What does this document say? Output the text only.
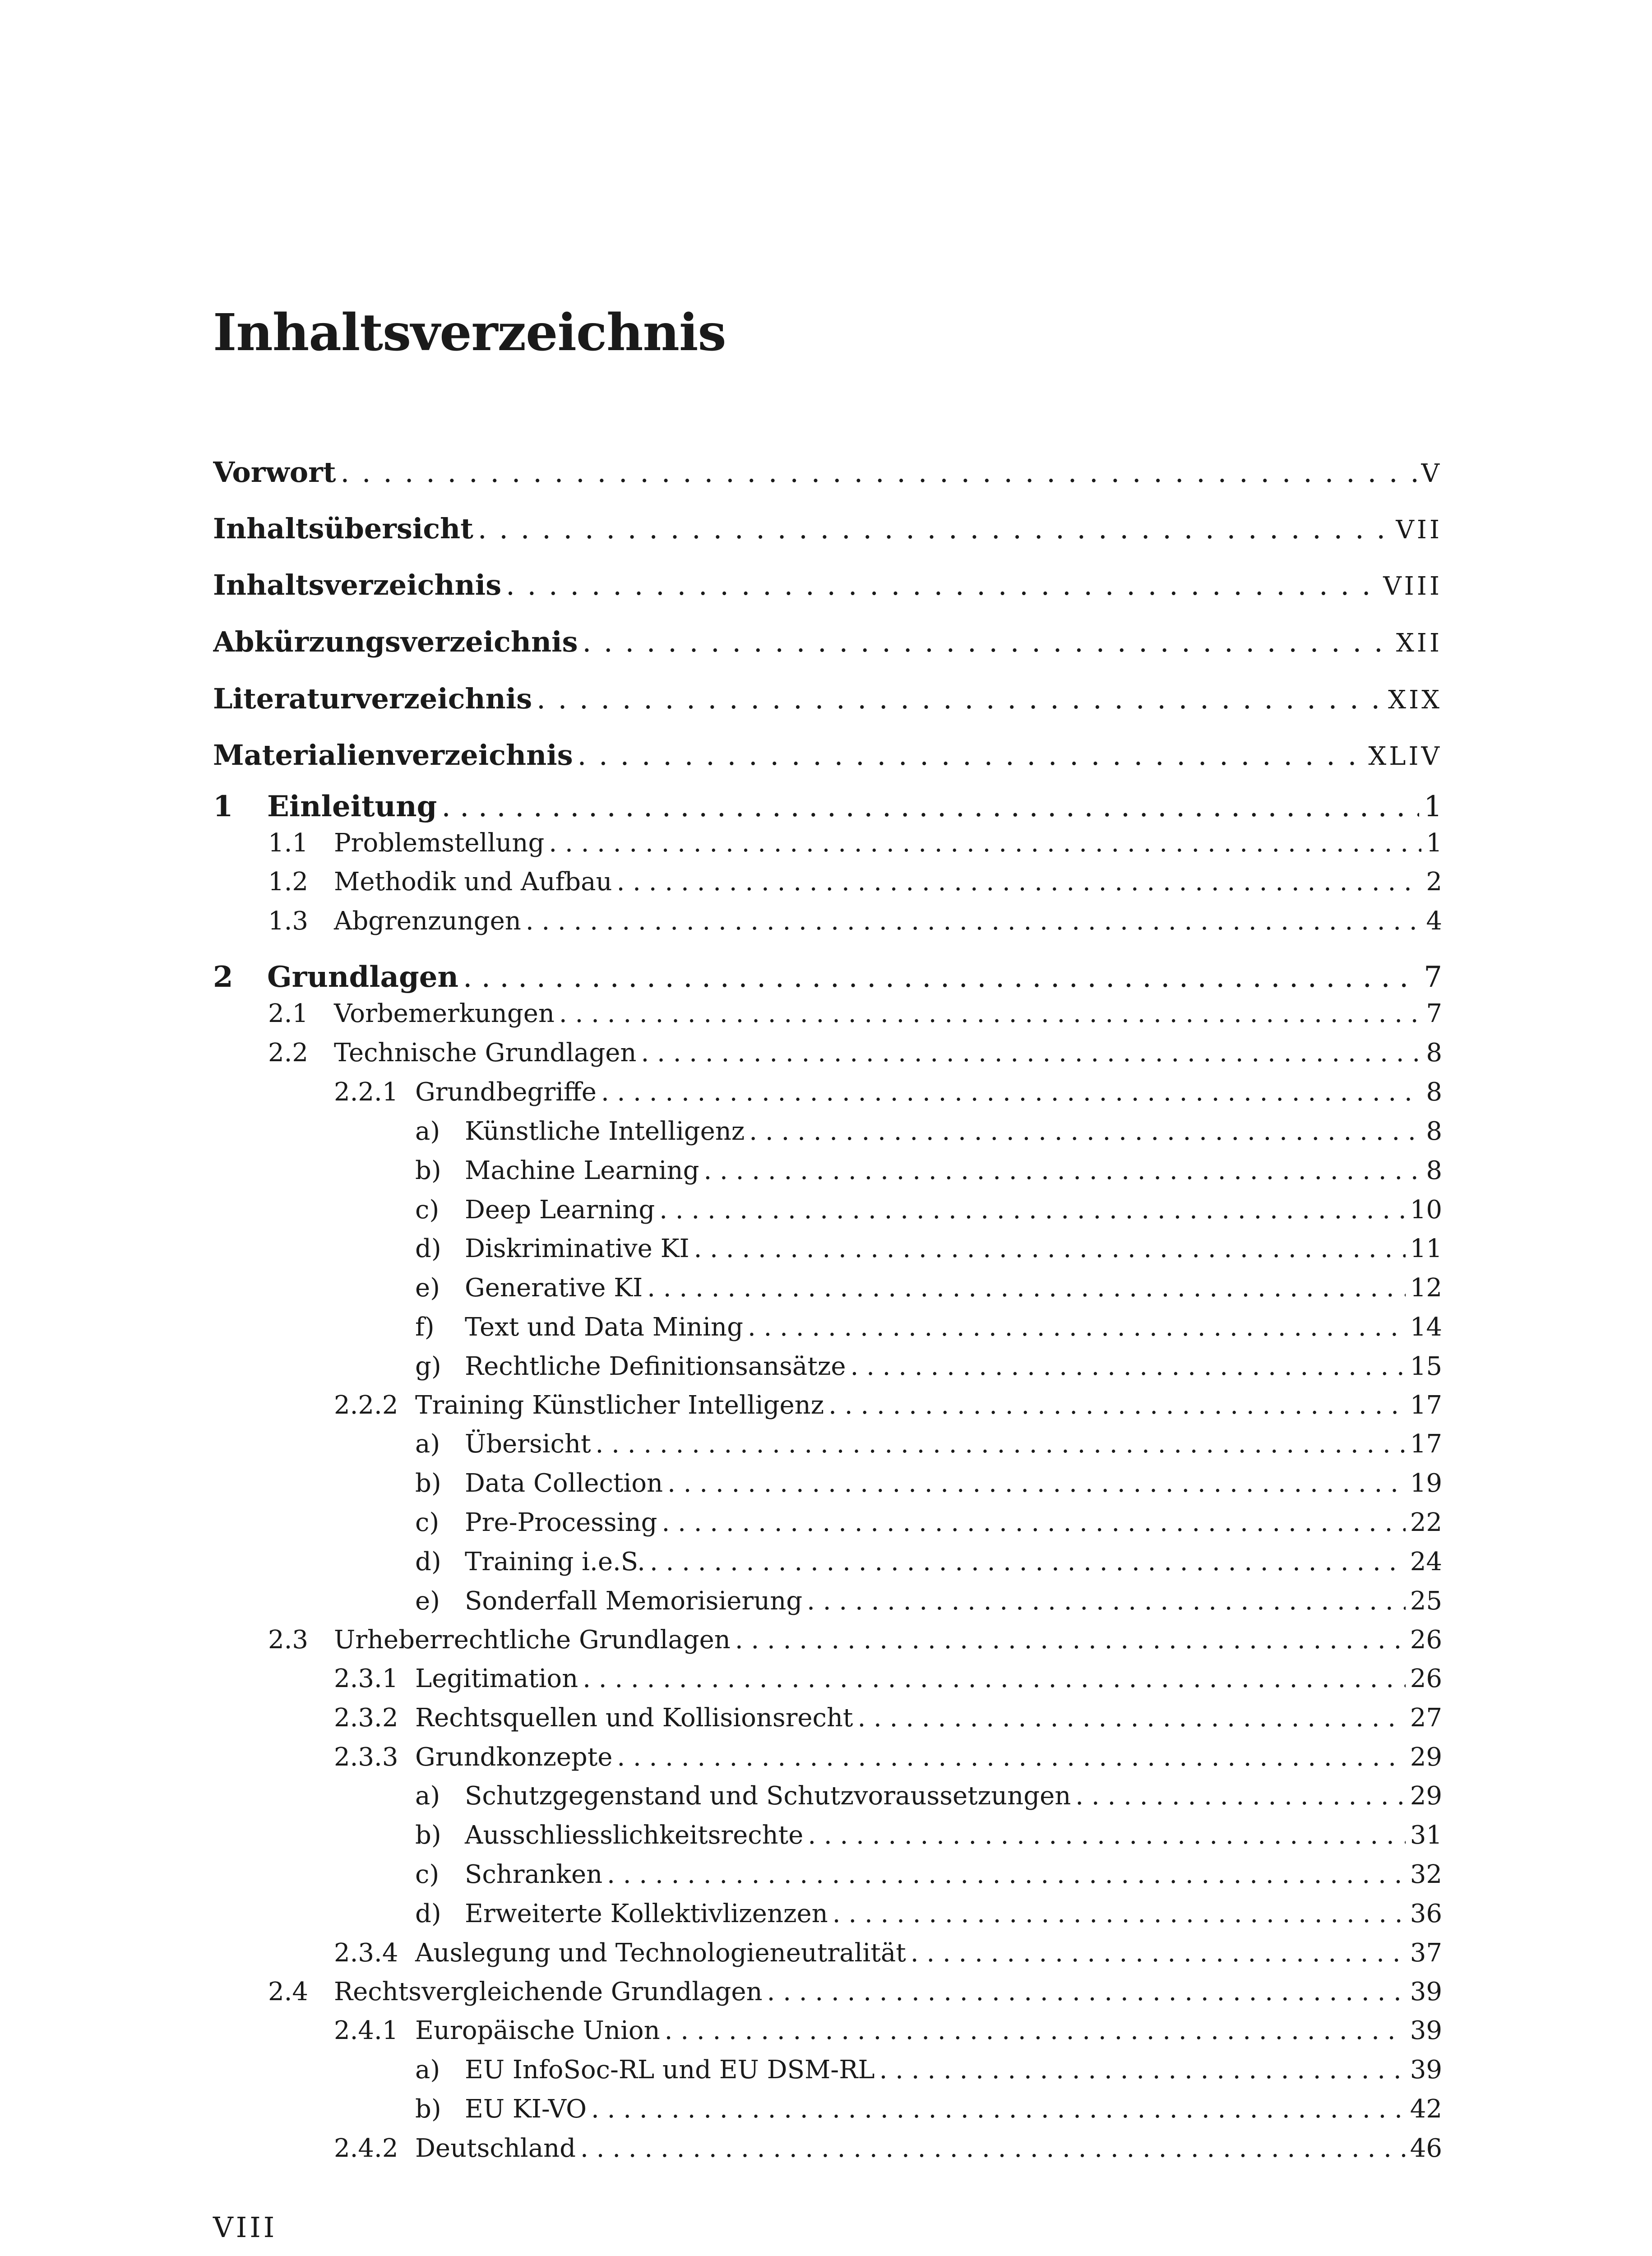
Inhaltsverzeichnis
Vorwort . . .	V
Inhaltsübersicht . . .	VII
Inhaltsverzeichnis . . .	VIII
Abkürzungsverzeichnis . . .	XII
Literaturverzeichnis . . .	XIX
Materialienverzeichnis . . .	XLIV
1	Einleitung . . .	1
1.1	Problemstellung . . .	1
1.2	Methodik und Aufbau . . .	2
1.3	Abgrenzungen . . .	4
2	Grundlagen . . .	7
2.1	Vorbemerkungen . . .	7
2.2	Technische Grundlagen . . .	8
2.2.1 Grundbegriffe . . .	8
a) Künstliche Intelligenz . . .	8
b) Machine Learning . . .	8
c)	Deep Learning . . .	10
d) Diskriminative KI . . .	11
e) Generative KI . . .	12
f)	Text und Data Mining . . .	14
g) Rechtliche Definitionsansätze . . .	15
2.2.2 Training Künstlicher Intelligenz . . .	17
a) Übersicht . . .	17
b) Data Collection . . .	19
c)	Pre-Processing . . .	22
d) Training i.e.S. . . .	24
e) Sonderfall Memorisierung . . .	25
2.3	Urheberrechtliche Grundlagen . . .	26
2.3.1 Legitimation . . .	26
2.3.2 Rechtsquellen und Kollisionsrecht . . .	27
2.3.3 Grundkonzepte . . .	29
a) Schutzgegenstand und Schutzvoraussetzungen . . .	29
b) Ausschliesslichkeitsrechte . . .	31
c)	Schranken . . .	32
d) Erweiterte Kollektivlizenzen . . .	36
2.3.4 Auslegung und Technologieneutralität . . .	37
2.4	Rechtsvergleichende Grundlagen . . .	39
2.4.1 Europäische Union . . .	39
a) EU InfoSoc-RL und EU DSM-RL . . .	39
b) EU KI-VO . . .	42
2.4.2 Deutschland . . .	46
VIII
